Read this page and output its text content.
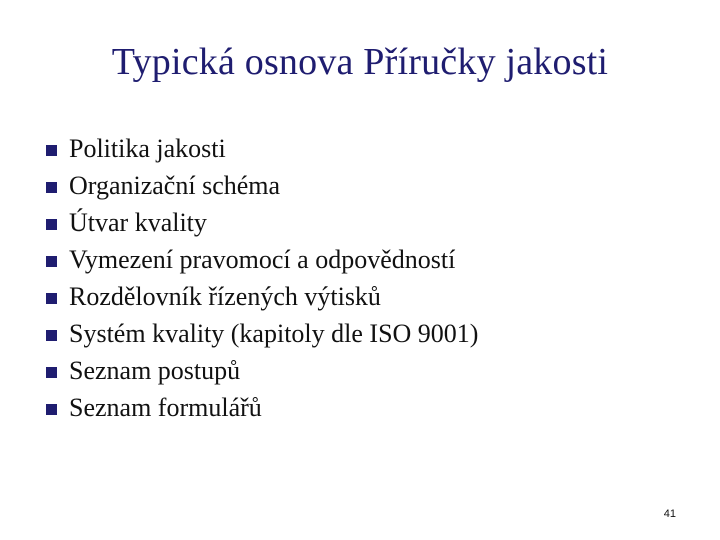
Typická osnova Příručky jakosti
Politika jakosti
Organizační schéma
Útvar kvality
Vymezení pravomocí a odpovědností
Rozdělovník řízených výtisků
Systém kvality (kapitoly dle ISO 9001)
Seznam postupů
Seznam formulářů
41
